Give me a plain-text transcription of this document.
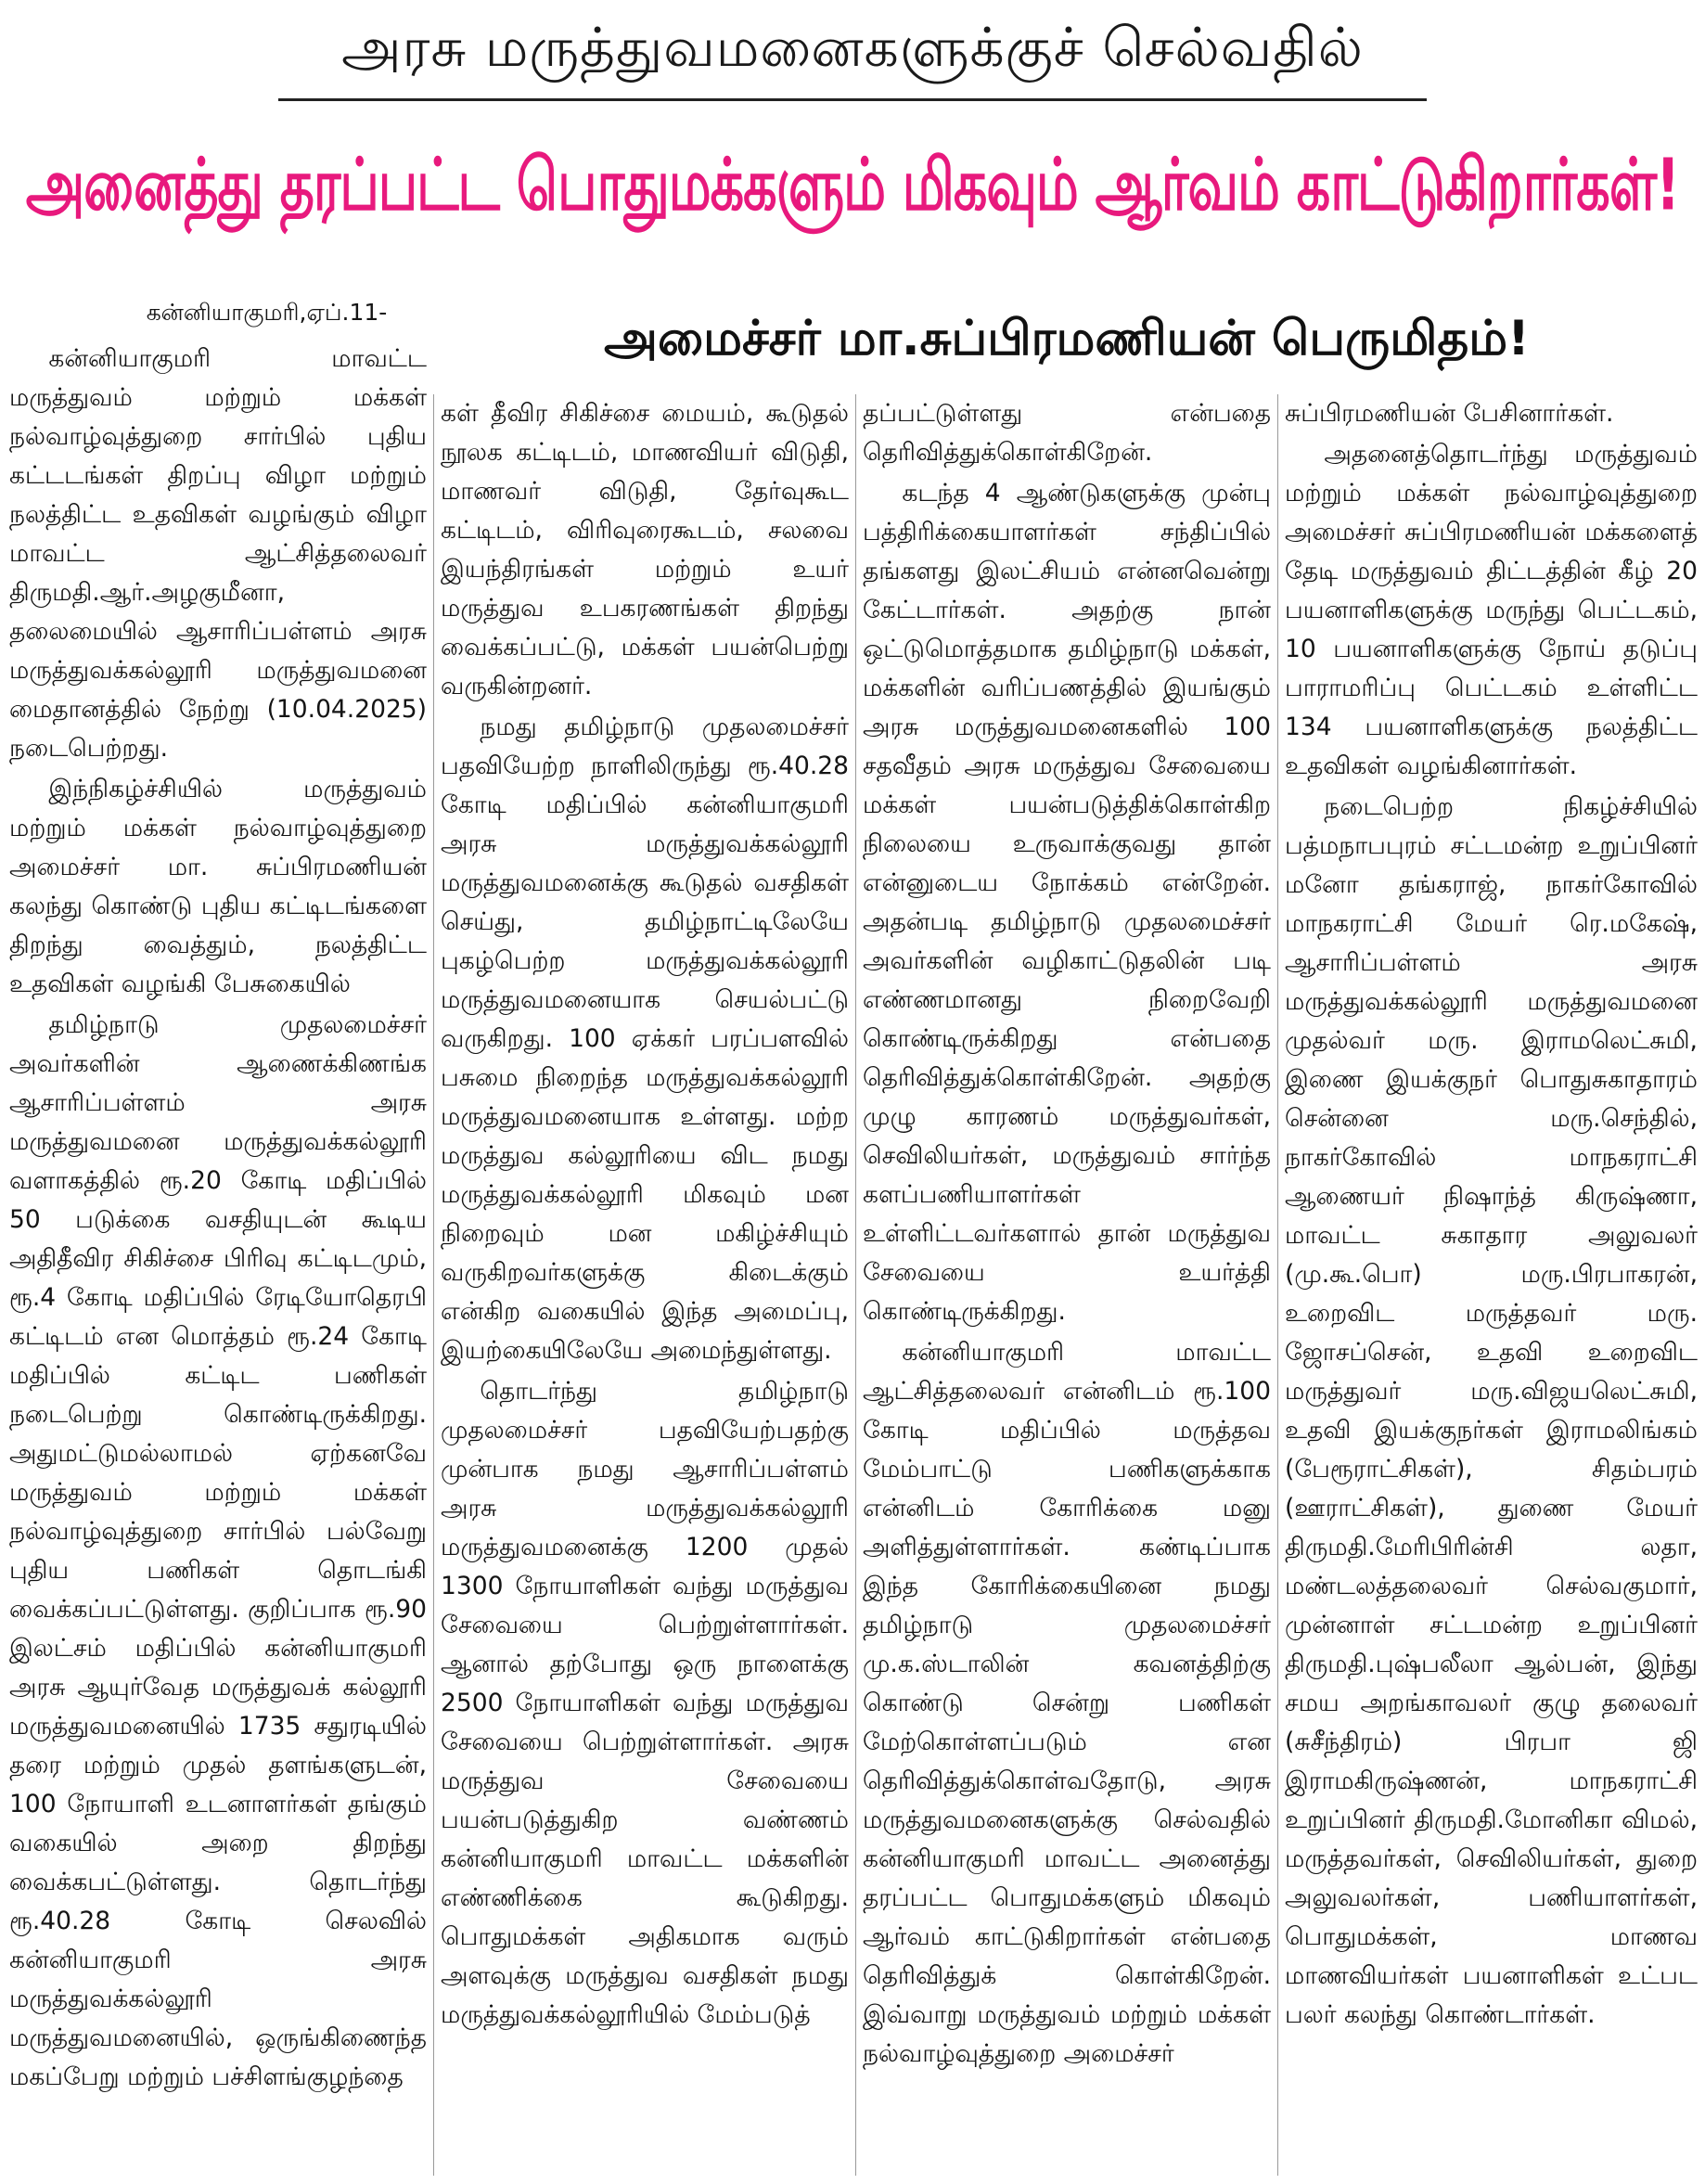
அரசு மருத்துவமனைகளுக்குச் செல்வதில்
அனைத்து தரப்பட்ட பொதுமக்களும் மிகவும் ஆர்வம் காட்டுகிறார்கள்!
அமைச்சர் மா.சுப்பிரமணியன் பெருமிதம்!
கன்னியாகுமரி,ஏப்.11-

கன்னியாகுமரி மாவட்ட மருத்துவம் மற்றும் மக்கள் நல்வாழ்வுத்துறை சார்பில் புதிய கட்டடங்கள் திறப்பு விழா மற்றும் நலத்திட்ட உதவிகள் வழங்கும் விழா மாவட்ட ஆட்சித்தலைவர் திருமதி.ஆர்.அழகுமீனா, தலைமையில் ஆசாரிப்பள்ளம் அரசு மருத்துவக்கல்லூரி மருத்துவமனை மைதானத்தில் நேற்று (10.04.2025) நடைபெற்றது.

இந்நிகழ்ச்சியில் மருத்துவம் மற்றும் மக்கள் நல்வாழ்வுத்துறை அமைச்சர் மா. சுப்பிரமணியன் கலந்து கொண்டு புதிய கட்டிடங்களை திறந்து வைத்தும், நலத்திட்ட உதவிகள் வழங்கி பேசுகையில்

தமிழ்நாடு முதலமைச்சர் அவர்களின் ஆணைக்கிணங்க ஆசாரிப்பள்ளம் அரசு மருத்துவமனை மருத்துவக்கல்லூரி வளாகத்தில் ரூ.20 கோடி மதிப்பில் 50 படுக்கை வசதியுடன் கூடிய அதிதீவிர சிகிச்சை பிரிவு கட்டிடமும், ரூ.4 கோடி மதிப்பில் ரேடியோதெரபி கட்டிடம் என மொத்தம் ரூ.24 கோடி மதிப்பில் கட்டிட பணிகள் நடைபெற்று கொண்டிருக்கிறது. அதுமட்டுமல்லாமல் ஏற்கனவே மருத்துவம் மற்றும் மக்கள் நல்வாழ்வுத்துறை சார்பில் பல்வேறு புதிய பணிகள் தொடங்கி வைக்கப்பட்டுள்ளது. குறிப்பாக ரூ.90 இலட்சம் மதிப்பில் கன்னியாகுமரி அரசு ஆயுர்வேத மருத்துவக் கல்லூரி மருத்துவமனையில் 1735 சதுரடியில் தரை மற்றும் முதல் தளங்களுடன், 100 நோயாளி உடனாளர்கள் தங்கும் வகையில் அறை திறந்து வைக்கபட்டுள்ளது. தொடர்ந்து ரூ.40.28 கோடி செலவில் கன்னியாகுமரி அரசு மருத்துவக்கல்லூரி மருத்துவமனையில், ஒருங்கிணைந்த மகப்பேறு மற்றும் பச்சிளங்குழந்தை

கள் தீவிர சிகிச்சை மையம், கூடுதல் நூலக கட்டிடம், மாணவியர் விடுதி, மாணவர் விடுதி, தேர்வுகூட கட்டிடம், விரிவுரைகூடம், சலவை இயந்திரங்கள் மற்றும் உயர் மருத்துவ உபகரணங்கள் திறந்து வைக்கப்பட்டு, மக்கள் பயன்பெற்று வருகின்றனர்.

நமது தமிழ்நாடு முதலமைச்சர் பதவியேற்ற நாளிலிருந்து ரூ.40.28 கோடி மதிப்பில் கன்னியாகுமரி அரசு மருத்துவக்கல்லூரி மருத்துவமனைக்கு கூடுதல் வசதிகள் செய்து, தமிழ்நாட்டிலேயே புகழ்பெற்ற மருத்துவக்கல்லூரி மருத்துவமனையாக செயல்பட்டு வருகிறது. 100 ஏக்கர் பரப்பளவில் பசுமை நிறைந்த மருத்துவக்கல்லூரி மருத்துவமனையாக உள்ளது. மற்ற மருத்துவ கல்லூரியை விட நமது மருத்துவக்கல்லூரி மிகவும் மன நிறைவும் மன மகிழ்ச்சியும் வருகிறவர்களுக்கு கிடைக்கும் என்கிற வகையில் இந்த அமைப்பு, இயற்கையிலேயே அமைந்துள்ளது.

தொடர்ந்து தமிழ்நாடு முதலமைச்சர் பதவியேற்பதற்கு முன்பாக நமது ஆசாரிப்பள்ளம் அரசு மருத்துவக்கல்லூரி மருத்துவமனைக்கு 1200 முதல் 1300 நோயாளிகள் வந்து மருத்துவ சேவையை பெற்றுள்ளார்கள். ஆனால் தற்போது ஒரு நாளைக்கு 2500 நோயாளிகள் வந்து மருத்துவ சேவையை பெற்றுள்ளார்கள். அரசு மருத்துவ சேவையை பயன்படுத்துகிற வண்ணம் கன்னியாகுமரி மாவட்ட மக்களின் எண்ணிக்கை கூடுகிறது. பொதுமக்கள் அதிகமாக வரும் அளவுக்கு மருத்துவ வசதிகள் நமது மருத்துவக்கல்லூரியில் மேம்படுத்

தப்பட்டுள்ளது என்பதை தெரிவித்துக்கொள்கிறேன்.

கடந்த 4 ஆண்டுகளுக்கு முன்பு பத்திரிக்கையாளர்கள் சந்திப்பில் தங்களது இலட்சியம் என்னவென்று கேட்டார்கள். அதற்கு நான் ஒட்டுமொத்தமாக தமிழ்நாடு மக்கள், மக்களின் வரிப்பணத்தில் இயங்கும் அரசு மருத்துவமனைகளில் 100 சதவீதம் அரசு மருத்துவ சேவையை மக்கள் பயன்படுத்திக்கொள்கிற நிலையை உருவாக்குவது தான் என்னுடைய நோக்கம் என்றேன். அதன்படி தமிழ்நாடு முதலமைச்சர் அவர்களின் வழிகாட்டுதலின் படி எண்ணமானது நிறைவேறி கொண்டிருக்கிறது என்பதை தெரிவித்துக்கொள்கிறேன். அதற்கு முழு காரணம் மருத்துவர்கள், செவிலியர்கள், மருத்துவம் சார்ந்த களப்பணியாளர்கள் உள்ளிட்டவர்களால் தான் மருத்துவ சேவையை உயர்த்தி கொண்டிருக்கிறது.

கன்னியாகுமரி மாவட்ட ஆட்சித்தலைவர் என்னிடம் ரூ.100 கோடி மதிப்பில் மருத்தவ மேம்பாட்டு பணிகளுக்காக என்னிடம் கோரிக்கை மனு அளித்துள்ளார்கள். கண்டிப்பாக இந்த கோரிக்கையினை நமது தமிழ்நாடு முதலமைச்சர் மு.க.ஸ்டாலின் கவனத்திற்கு கொண்டு சென்று பணிகள் மேற்கொள்ளப்படும் என தெரிவித்துக்கொள்வதோடு, அரசு மருத்துவமனைகளுக்கு செல்வதில் கன்னியாகுமரி மாவட்ட அனைத்து தரப்பட்ட பொதுமக்களும் மிகவும் ஆர்வம் காட்டுகிறார்கள் என்பதை தெரிவித்துக் கொள்கிறேன். இவ்வாறு மருத்துவம் மற்றும் மக்கள் நல்வாழ்வுத்துறை அமைச்சர்

சுப்பிரமணியன் பேசினார்கள்.

அதனைத்தொடர்ந்து மருத்துவம் மற்றும் மக்கள் நல்வாழ்வுத்துறை அமைச்சர் சுப்பிரமணியன் மக்களைத் தேடி மருத்துவம் திட்டத்தின் கீழ் 20 பயனாளிகளுக்கு மருந்து பெட்டகம், 10 பயனாளிகளுக்கு நோய் தடுப்பு பாராமரிப்பு பெட்டகம் உள்ளிட்ட 134 பயனாளிகளுக்கு நலத்திட்ட உதவிகள் வழங்கினார்கள்.

நடைபெற்ற நிகழ்ச்சியில் பத்மநாபபுரம் சட்டமன்ற உறுப்பினர் மனோ தங்கராஜ், நாகர்கோவில் மாநகராட்சி மேயர் ரெ.மகேஷ், ஆசாரிப்பள்ளம் அரசு மருத்துவக்கல்லூரி மருத்துவமனை முதல்வர் மரு. இராமலெட்சுமி, இணை இயக்குநர் பொதுசுகாதாரம் சென்னை மரு.செந்தில், நாகர்கோவில் மாநகராட்சி ஆணையர் நிஷாந்த் கிருஷ்ணா, மாவட்ட சுகாதார அலுவலர் (மு.கூ.பொ) மரு.பிரபாகரன், உறைவிட மருத்தவர் மரு. ஜோசப்சென், உதவி உறைவிட மருத்துவர் மரு.விஜயலெட்சுமி, உதவி இயக்குநர்கள் இராமலிங்கம் (பேரூராட்சிகள்), சிதம்பரம் (ஊராட்சிகள்), துணை மேயர் திருமதி.மேரிபிரின்சி லதா, மண்டலத்தலைவர் செல்வகுமார், முன்னாள் சட்டமன்ற உறுப்பினர் திருமதி.புஷ்பலீலா ஆல்பன், இந்து சமய அறங்காவலர் குழு தலைவர் (சுசீந்திரம்) பிரபா ஜி இராமகிருஷ்ணன், மாநகராட்சி உறுப்பினர் திருமதி.மோனிகா விமல், மருத்தவர்கள், செவிலியர்கள், துறை அலுவலர்கள், பணியாளர்கள், பொதுமக்கள், மாணவ மாணவியர்கள் பயனாளிகள் உட்பட பலர் கலந்து கொண்டார்கள்.
